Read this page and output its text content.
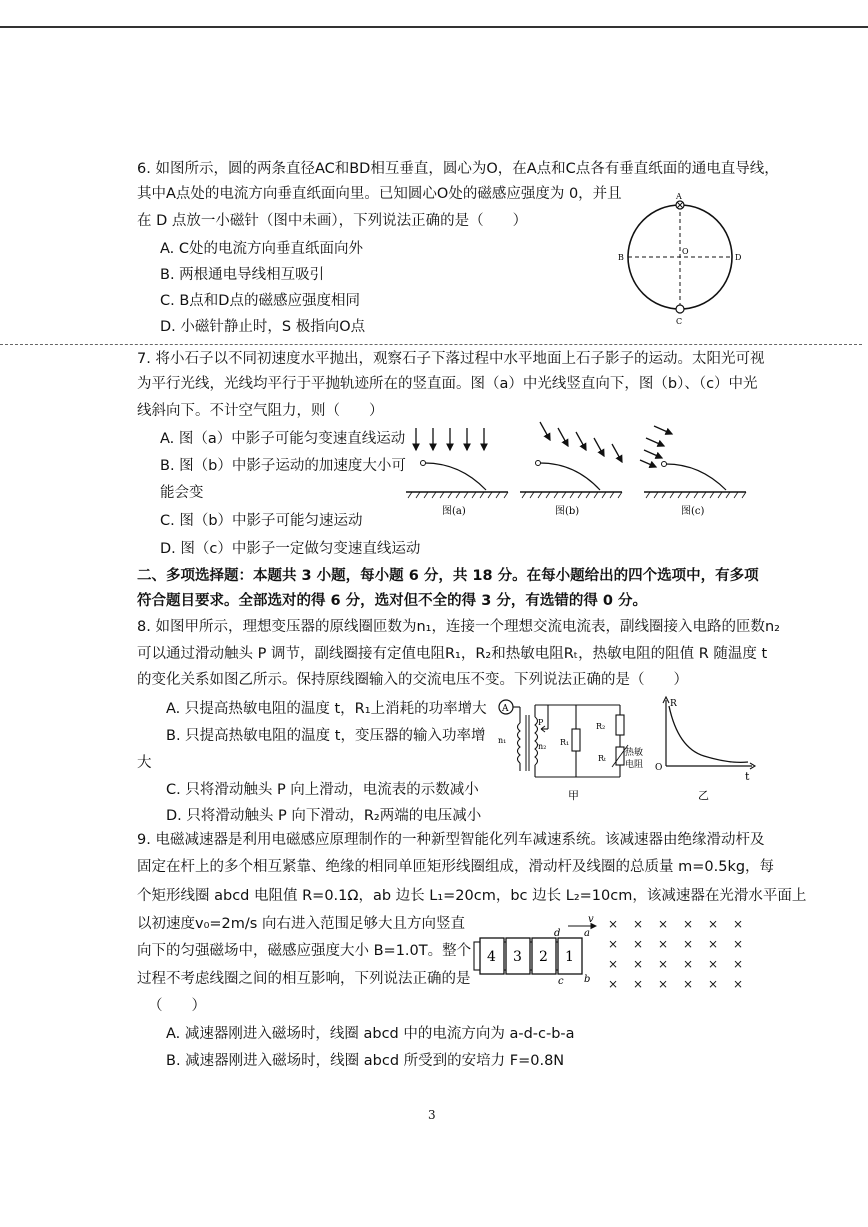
6. 如图所示，圆的两条直径AC和BD相互垂直，圆心为O，在A点和C点各有垂直纸面的通电直导线，
其中A点处的电流方向垂直纸面向里。已知圆心O处的磁感应强度为 0，并且
在 D 点放一小磁针（图中未画），下列说法正确的是（　　）
A. C处的电流方向垂直纸面向外
B. 两根通电导线相互吸引
C. B点和D点的磁感应强度相同
D. 小磁针静止时，S 极指向O点
A
B
C
D
O
7. 将小石子以不同初速度水平抛出，观察石子下落过程中水平地面上石子影子的运动。太阳光可视
为平行光线，光线均平行于平抛轨迹所在的竖直面。图（a）中光线竖直向下，图（b）、（c）中光
线斜向下。不计空气阻力，则（　　）
A. 图（a）中影子可能匀变速直线运动
B. 图（b）中影子运动的加速度大小可
能会变
C. 图（b）中影子可能匀速运动
D. 图（c）中影子一定做匀变速直线运动
图(a)	图(b)	图(c)
二、多项选择题：本题共 3 小题，每小题 6 分，共 18 分。在每小题给出的四个选项中，有多项
符合题目要求。全部选对的得 6 分，选对但不全的得 3 分，有选错的得 0 分。
8. 如图甲所示，理想变压器的原线圈匝数为n₁，连接一个理想交流电流表，副线圈接入电路的匝数n₂
可以通过滑动触头 P 调节，副线圈接有定值电阻R₁，R₂和热敏电阻Rₜ，热敏电阻的阻值 R 随温度 t
的变化关系如图乙所示。保持原线圈输入的交流电压不变。下列说法正确的是（　　）
A. 只提高热敏电阻的温度 t，R₁上消耗的功率增大
B. 只提高热敏电阻的温度 t，变压器的输入功率增
大
C. 只将滑动触头 P 向上滑动，电流表的示数减小
D. 只将滑动触头 P 向下滑动，R₂两端的电压减小
A
n₁
P
n₂ R₁
R₂
Rₜ
热敏
电阻
甲
R
t
O
乙
9. 电磁减速器是利用电磁感应原理制作的一种新型智能化列车减速系统。该减速器由绝缘滑动杆及
固定在杆上的多个相互紧靠、绝缘的相同单匝矩形线圈组成，滑动杆及线圈的总质量 m=0.5kg，每
个矩形线圈 abcd 电阻值 R=0.1Ω，ab 边长 L₁=20cm，bc 边长 L₂=10cm，该减速器在光滑水平面上
以初速度v₀=2m/s 向右进入范围足够大且方向竖直
向下的匀强磁场中，磁感应强度大小 B=1.0T。整个
过程不考虑线圈之间的相互影响，下列说法正确的是
（　　）
A. 减速器刚进入磁场时，线圈 abcd 中的电流方向为 a-d-c-b-a
B. 减速器刚进入磁场时，线圈 abcd 所受到的安培力 F=0.8N
4 3 2 1
d a
b
c
v × × × × × ×
× × × × × ×
× × × × × ×
× × × × × ×
3
